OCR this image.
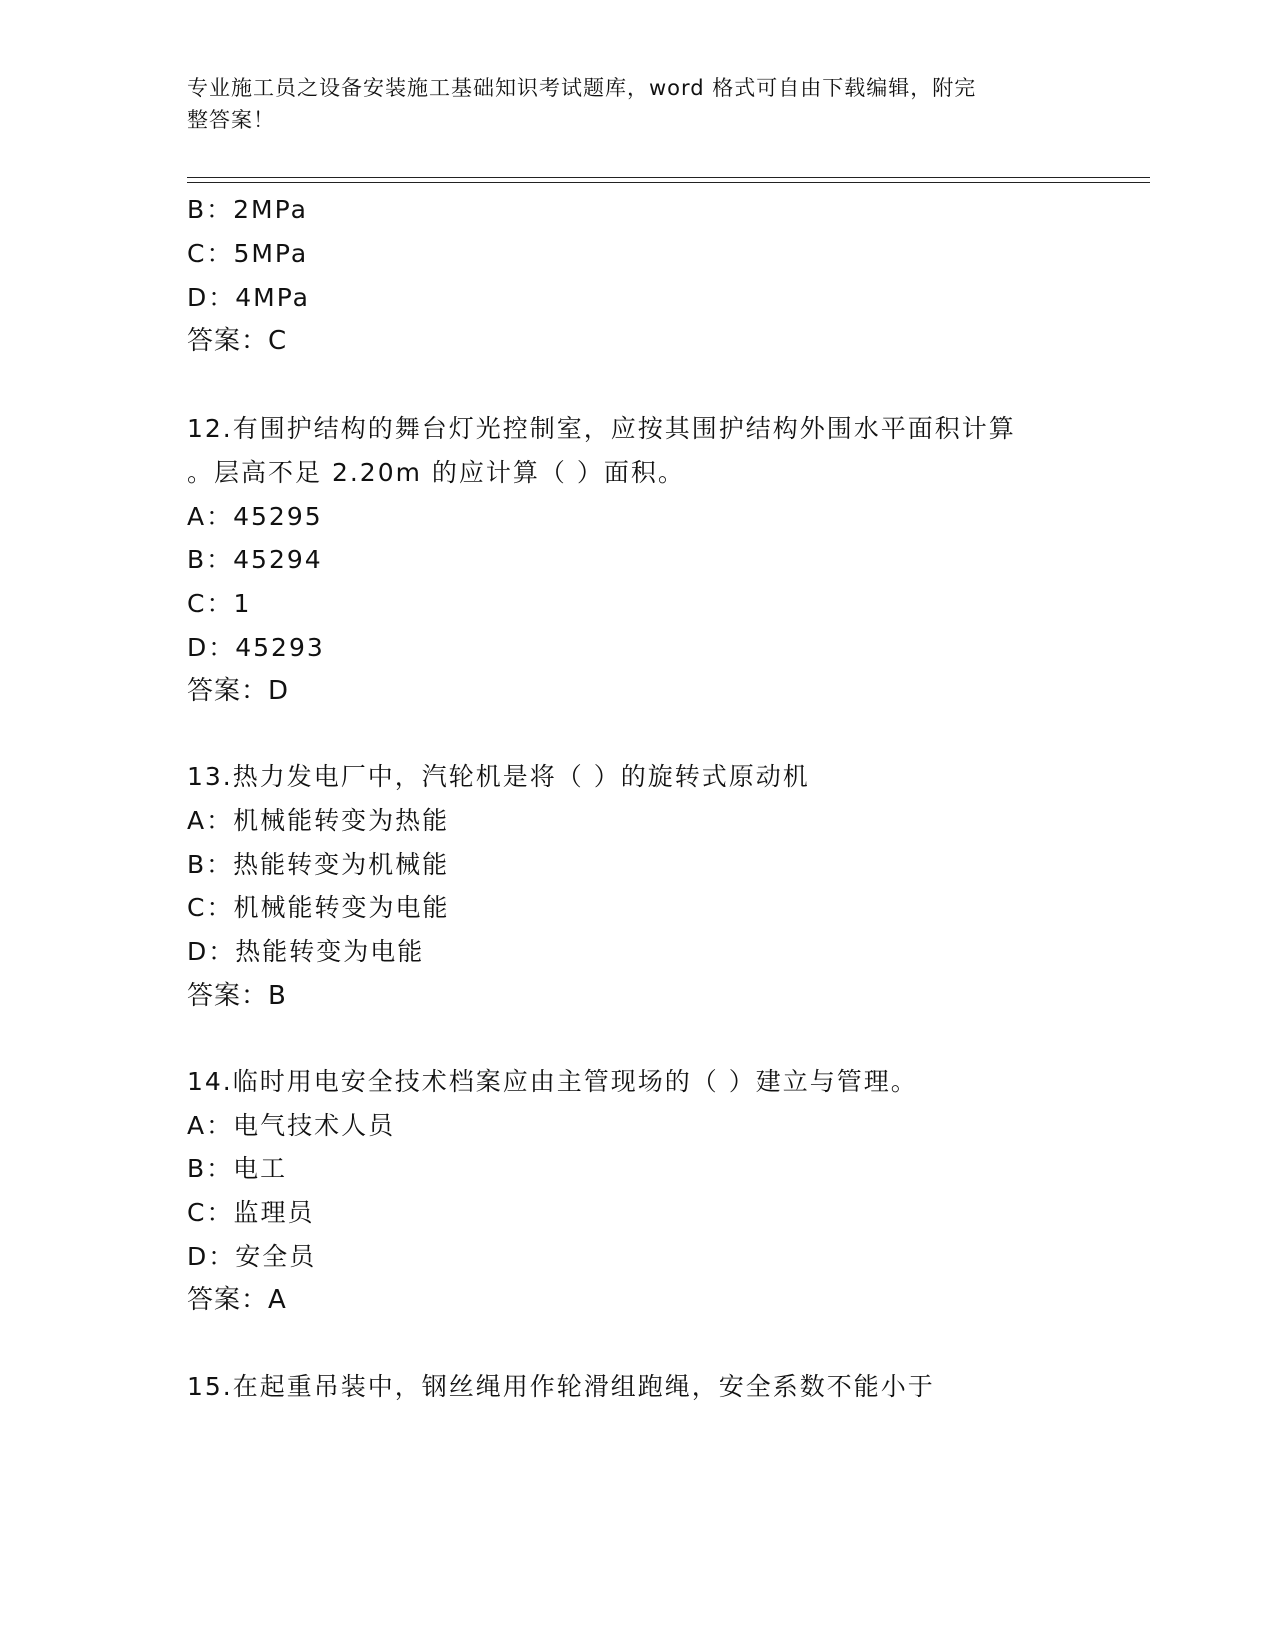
专业施工员之设备安装施工基础知识考试题库，word 格式可自由下载编辑，附完
整答案！
B：2MPa
C：5MPa
D：4MPa
答案：C
12.有围护结构的舞台灯光控制室，应按其围护结构外围水平面积计算
。层高不足 2.20m 的应计算（ ）面积。
A：45295
B：45294
C：1
D：45293
答案：D
13.热力发电厂中，汽轮机是将（ ）的旋转式原动机
A：机械能转变为热能
B：热能转变为机械能
C：机械能转变为电能
D：热能转变为电能
答案：B
14.临时用电安全技术档案应由主管现场的（ ）建立与管理。
A：电气技术人员
B：电工
C：监理员
D：安全员
答案：A
15.在起重吊装中，钢丝绳用作轮滑组跑绳，安全系数不能小于
